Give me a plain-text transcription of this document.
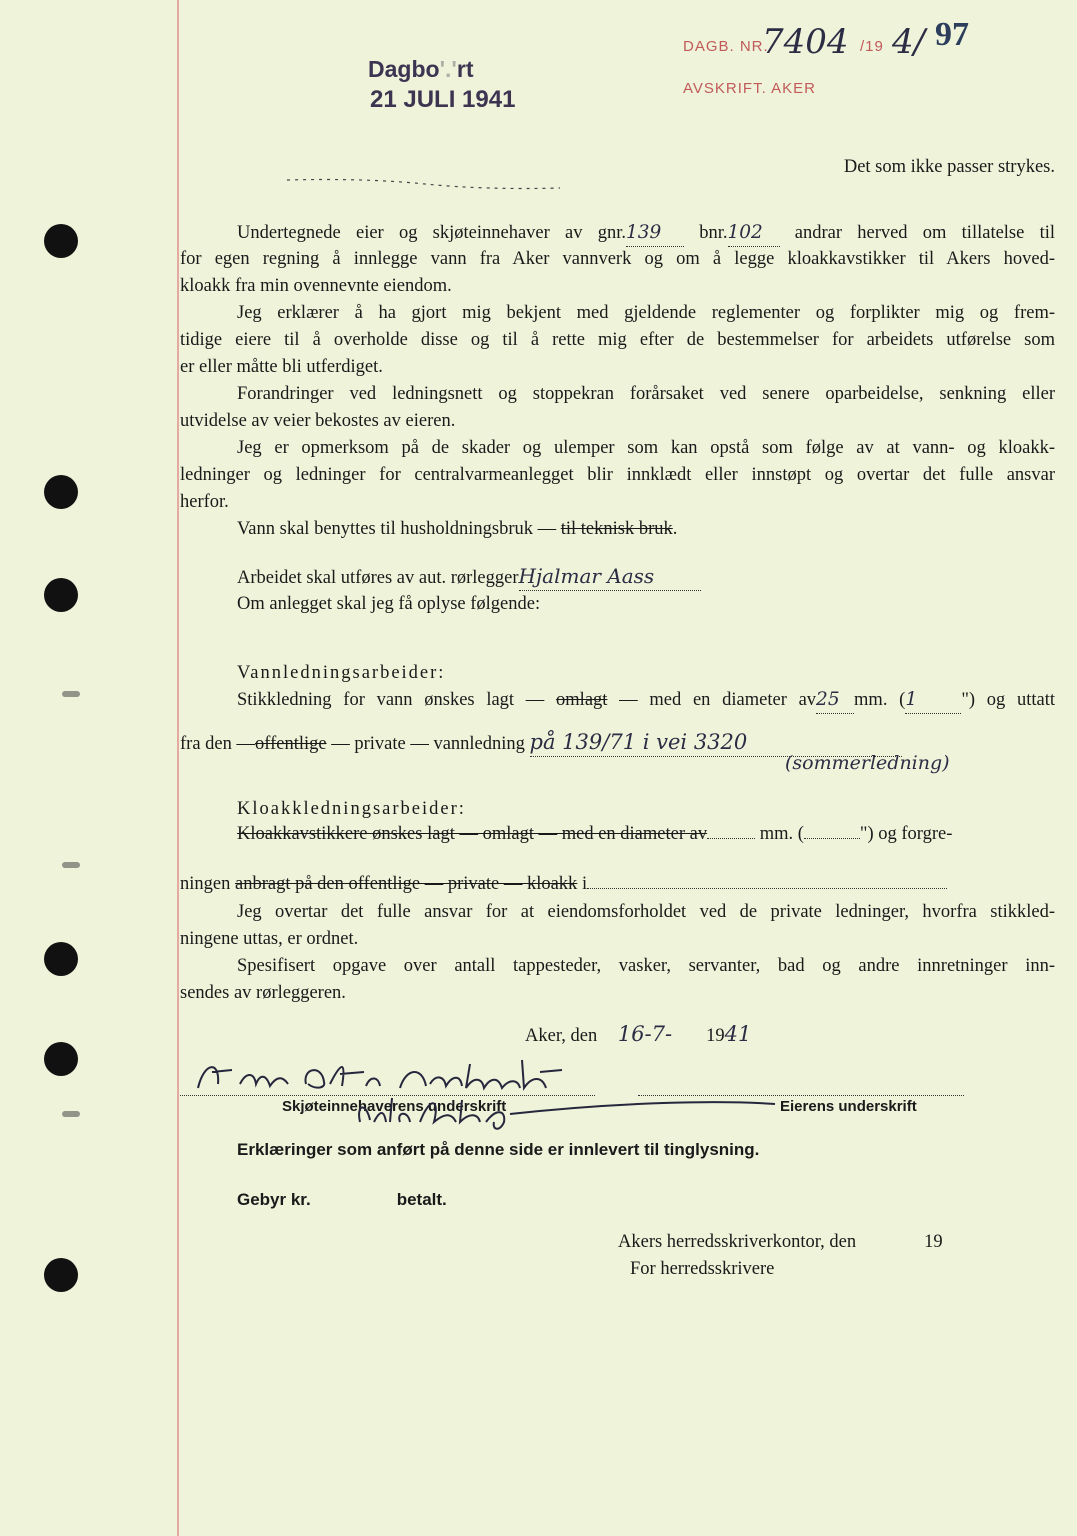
Dagbo'.'rt
21 JULI 1941
DAGB. NR.
7404 /19 4/
AVSKRIFT. AKER
97
Det som ikke passer strykes.
Undertegnede eier og skjøteinnehaver av gnr.139 bnr.102 andrar herved om tillatelse til
for egen regning å innlegge vann fra Aker vannverk og om å legge kloakkavstikker til Akers hoved-
kloakk fra min ovennevnte eiendom.
Jeg erklærer å ha gjort mig bekjent med gjeldende reglementer og forplikter mig og frem-
tidige eiere til å overholde disse og til å rette mig efter de bestemmelser for arbeidets utførelse som
er eller måtte bli utferdiget.
Forandringer ved ledningsnett og stoppekran forårsaket ved senere oparbeidelse, senkning eller
utvidelse av veier bekostes av eieren.
Jeg er opmerksom på de skader og ulemper som kan opstå som følge av at vann- og kloakk-
ledninger og ledninger for centralvarmeanlegget blir innklædt eller innstøpt og overtar det fulle ansvar
herfor.
Vann skal benyttes til husholdningsbruk — til teknisk bruk.
Arbeidet skal utføres av aut. rørleggerHjalmar Aass
Om anlegget skal jeg få oplyse følgende:
Vannledningsarbeider:
Stikkledning for vann ønskes lagt — omlagt — med en diameter av25 mm. (1 ") og uttatt
fra den —offentlige — private — vannledning på 139/71 i vei 3320
(sommerledning)
Kloakkledningsarbeider:
Kloakkavstikkere ønskes lagt — omlagt — med en diameter av	mm. (	") og forgre-
ningen anbragt på den offentlige — private — kloakk i
Jeg overtar det fulle ansvar for at eiendomsforholdet ved de private ledninger, hvorfra stikkled-
ningene uttas, er ordnet.
Spesifisert opgave over antall tappesteder, vasker, servanter, bad og andre innretninger inn-
sendes av rørleggeren.
Aker, den 16-7- 1941
Skjøteinnehaverens underskrift	Eierens underskrift
Erklæringer som anført på denne side er innlevert til tinglysning.
Gebyr kr.	betalt.
Akers herredsskriverkontor, den	19
For herredsskrivere
